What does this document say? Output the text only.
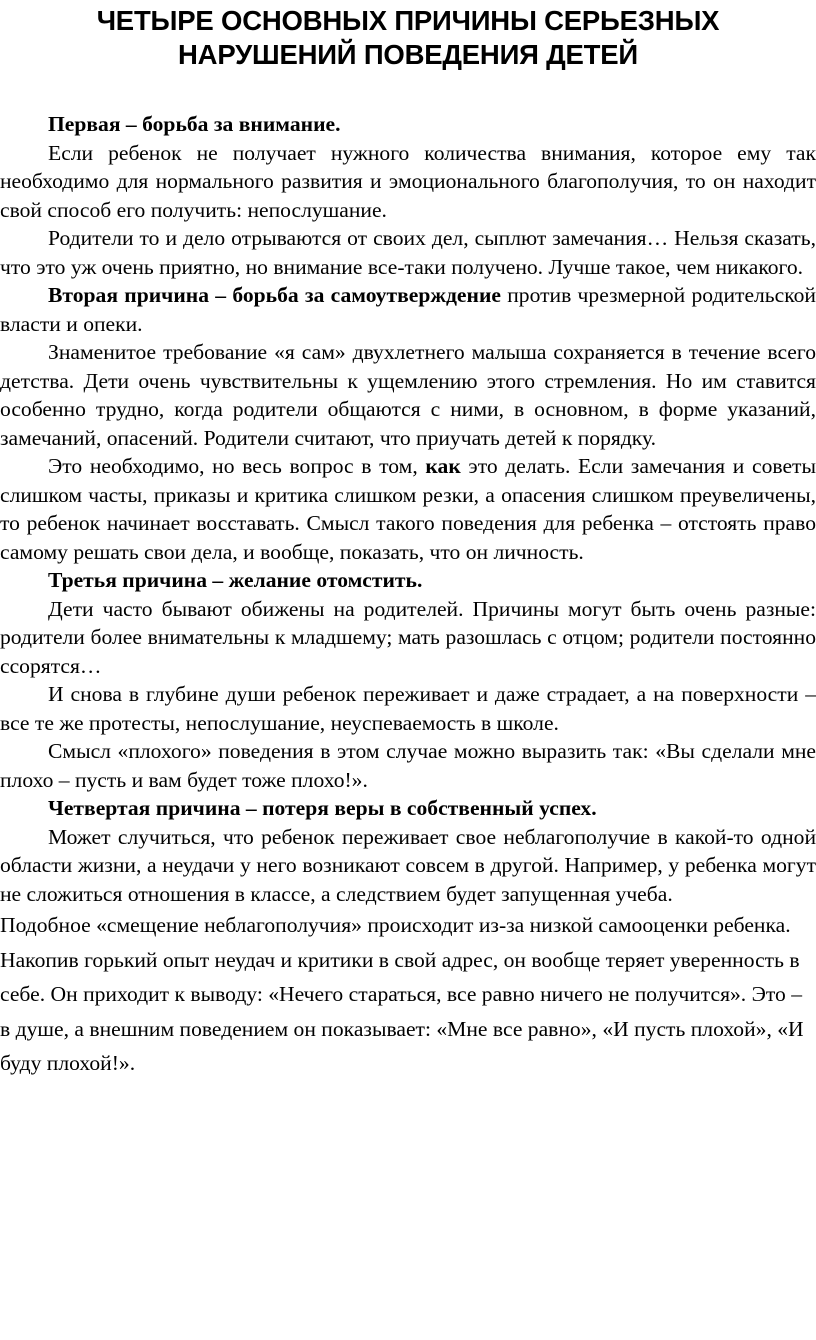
ЧЕТЫРЕ ОСНОВНЫХ ПРИЧИНЫ СЕРЬЕЗНЫХ
НАРУШЕНИЙ ПОВЕДЕНИЯ ДЕТЕЙ

Первая – борьба за внимание.

Если ребенок не получает нужного количества внимания, которое ему так необходимо для нормального развития и эмоционального благополучия, то он находит свой способ его получить: непослушание.

Родители то и дело отрываются от своих дел, сыплют замечания… Нельзя сказать, что это уж очень приятно, но внимание все-таки получено. Лучше такое, чем никакого.

Вторая причина – борьба за самоутверждение против чрезмерной родительской власти и опеки.

Знаменитое требование «я сам» двухлетнего малыша сохраняется в течение всего детства. Дети очень чувствительны к ущемлению этого стремления. Но им ставится особенно трудно, когда родители общаются с ними, в основном, в форме указаний, замечаний, опасений. Родители считают, что приучать детей к порядку.

Это необходимо, но весь вопрос в том, как это делать. Если замечания и советы слишком часты, приказы и критика слишком резки, а опасения слишком преувеличены, то ребенок начинает восставать. Смысл такого поведения для ребенка – отстоять право самому решать свои дела, и вообще, показать, что он личность.

Третья причина – желание отомстить.

Дети часто бывают обижены на родителей. Причины могут быть очень разные: родители более внимательны к младшему; мать разошлась с отцом; родители постоянно ссорятся…

И снова в глубине души ребенок переживает и даже страдает, а на поверхности – все те же протесты, непослушание, неуспеваемость в школе.

Смысл «плохого» поведения в этом случае можно выразить так: «Вы сделали мне плохо – пусть и вам будет тоже плохо!».

Четвертая причина – потеря веры в собственный успех.

Может случиться, что ребенок переживает свое неблагополучие в какой-то одной области жизни, а неудачи у него возникают совсем в другой. Например, у ребенка могут не сложиться отношения в классе, а следствием будет запущенная учеба.

Подобное «смещение неблагополучия» происходит из-за низкой самооценки ребенка. Накопив горький опыт неудач и критики в свой адрес, он вообще теряет уверенность в себе. Он приходит к выводу: «Нечего стараться, все равно ничего не получится». Это – в душе, а внешним поведением он показывает: «Мне все равно», «И пусть плохой», «И буду плохой!».
